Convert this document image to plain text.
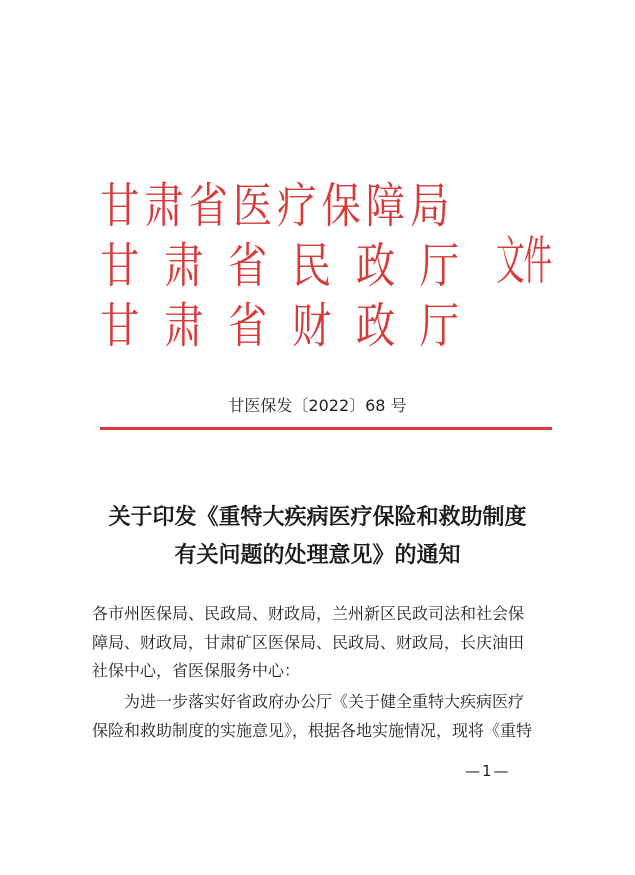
甘肃省医疗保障局
甘肃省民政厅
甘肃省财政厅
文件
甘医保发〔2022〕68 号
关于印发《重特大疾病医疗保险和救助制度
有关问题的处理意见》的通知
各市州医保局、民政局、财政局，兰州新区民政司法和社会保
障局、财政局，甘肃矿区医保局、民政局、财政局，长庆油田
社保中心，省医保服务中心：
为进一步落实好省政府办公厅《关于健全重特大疾病医疗
保险和救助制度的实施意见》，根据各地实施情况，现将《重特
—1—
